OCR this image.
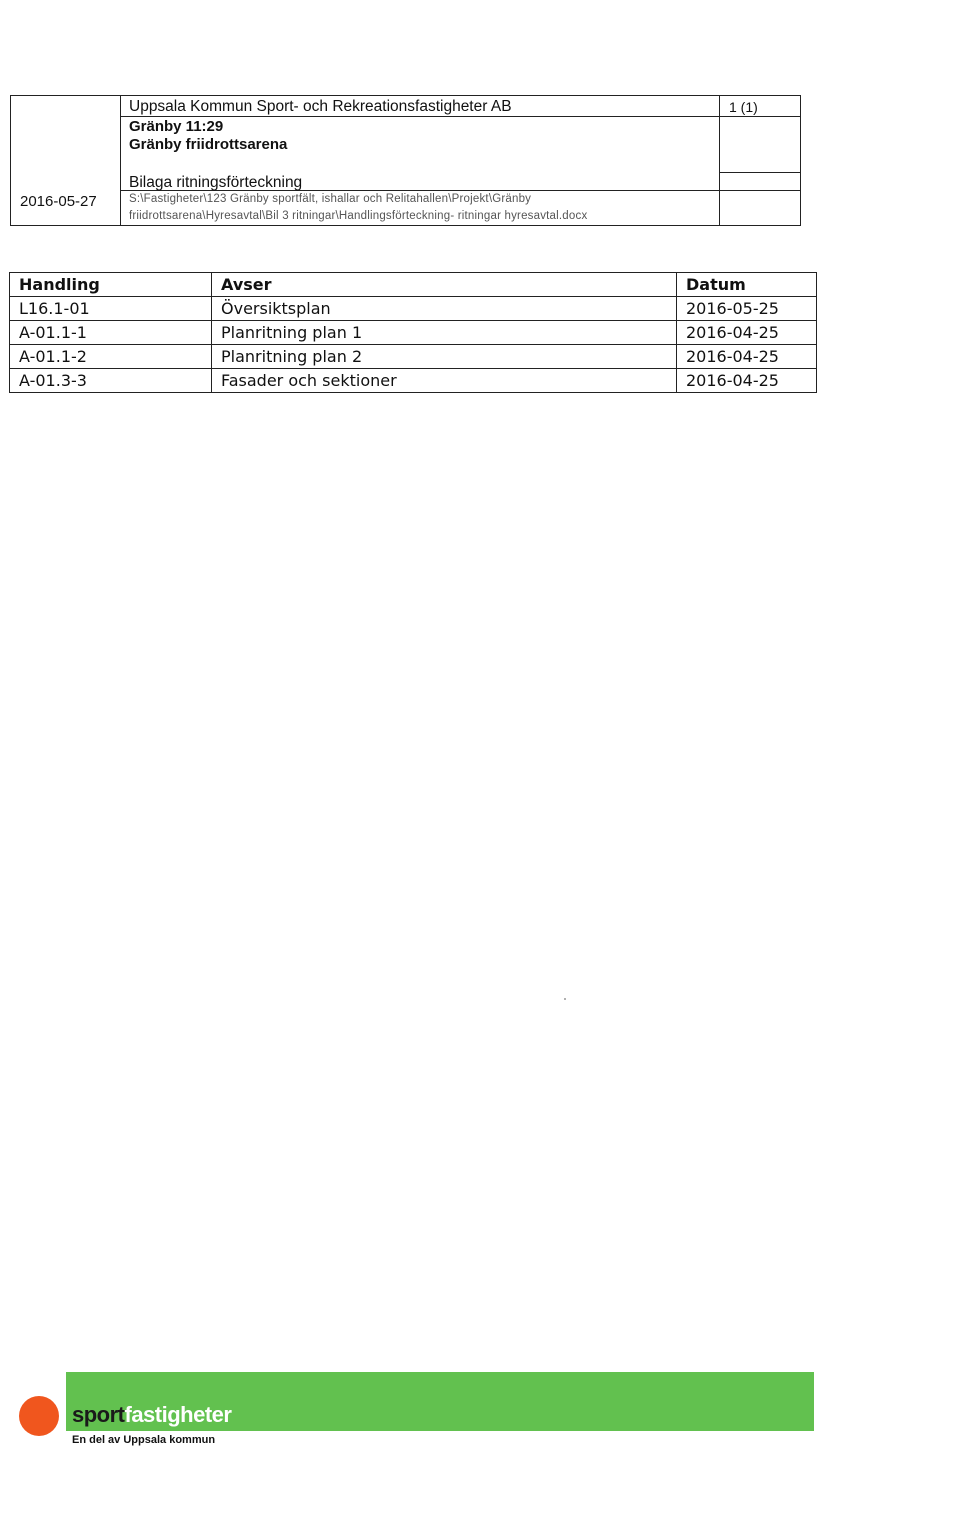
Uppsala Kommun Sport- och Rekreationsfastigheter AB	1 (1)
Gränby 11:29
Gränby friidrottsarena
Bilaga ritningsförteckning
2016-05-27	S:\Fastigheter\123 Gränby sportfält, ishallar och Relitahallen\Projekt\Gränby
friidrottsarena\Hyresavtal\Bil 3 ritningar\Handlingsförteckning- ritningar hyresavtal.docx
Handling	Avser	Datum
L16.1-01	Översiktsplan	2016-05-25
A-01.1-1	Planritning plan 1	2016-04-25
A-01.1-2	Planritning plan 2	2016-04-25
A-01.3-3	Fasader och sektioner	2016-04-25
sportfastigheter
En del av Uppsala kommun
